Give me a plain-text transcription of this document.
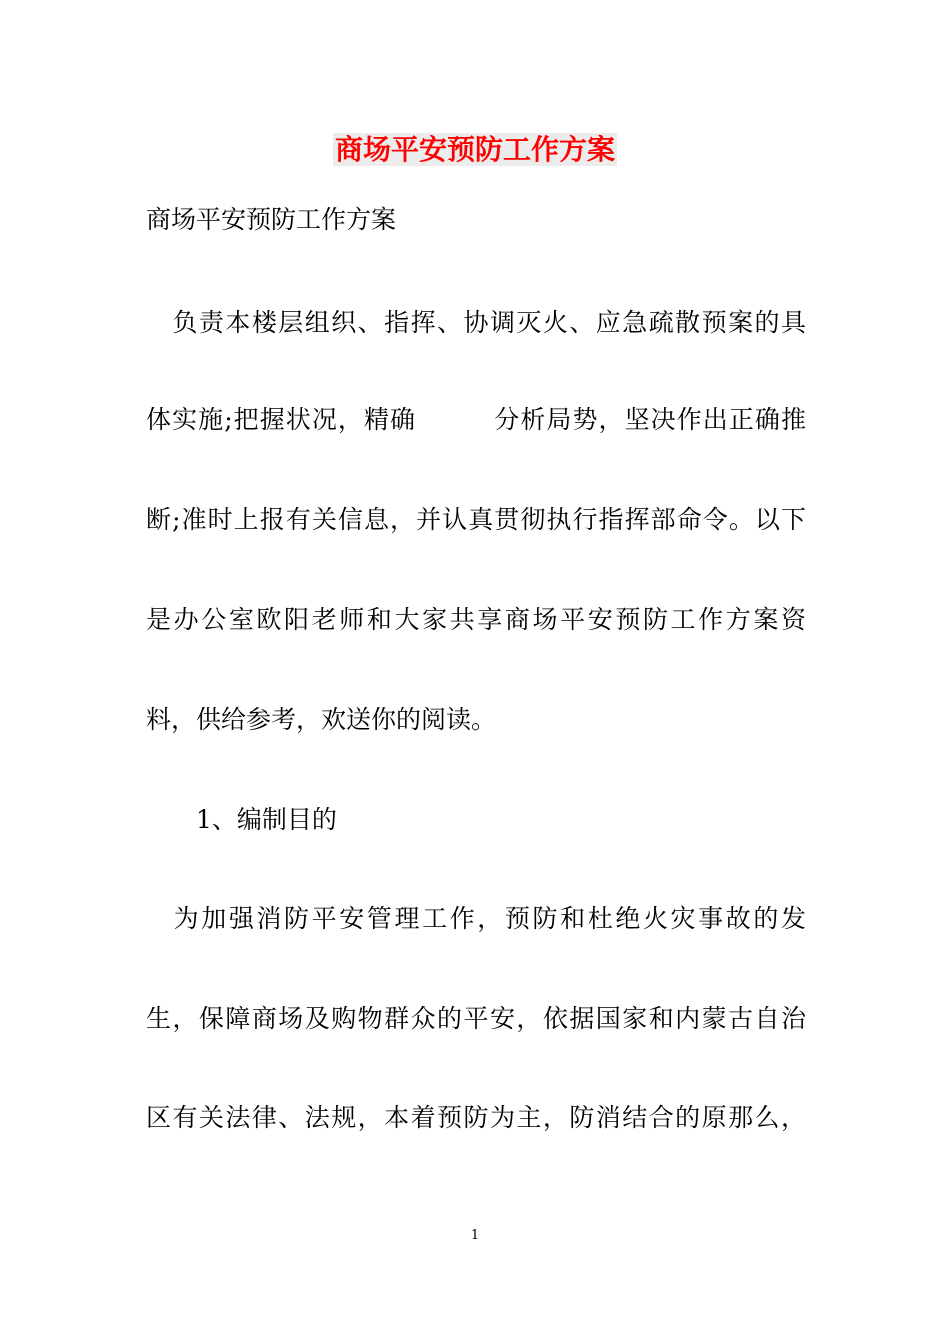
商场平安预防工作方案
商场平安预防工作方案
　负责本楼层组织、指挥、协调灭火、应急疏散预案的具
体实施;把握状况，精确　　　分析局势，坚决作出正确推
断;准时上报有关信息，并认真贯彻执行指挥部命令。以下
是办公室欧阳老师和大家共享商场平安预防工作方案资
料，供给参考，欢送你的阅读。
　　1、编制目的
　为加强消防平安管理工作，预防和杜绝火灾事故的发
生，保障商场及购物群众的平安，依据国家和内蒙古自治
区有关法律、法规，本着预防为主，防消结合的原那么，
1
